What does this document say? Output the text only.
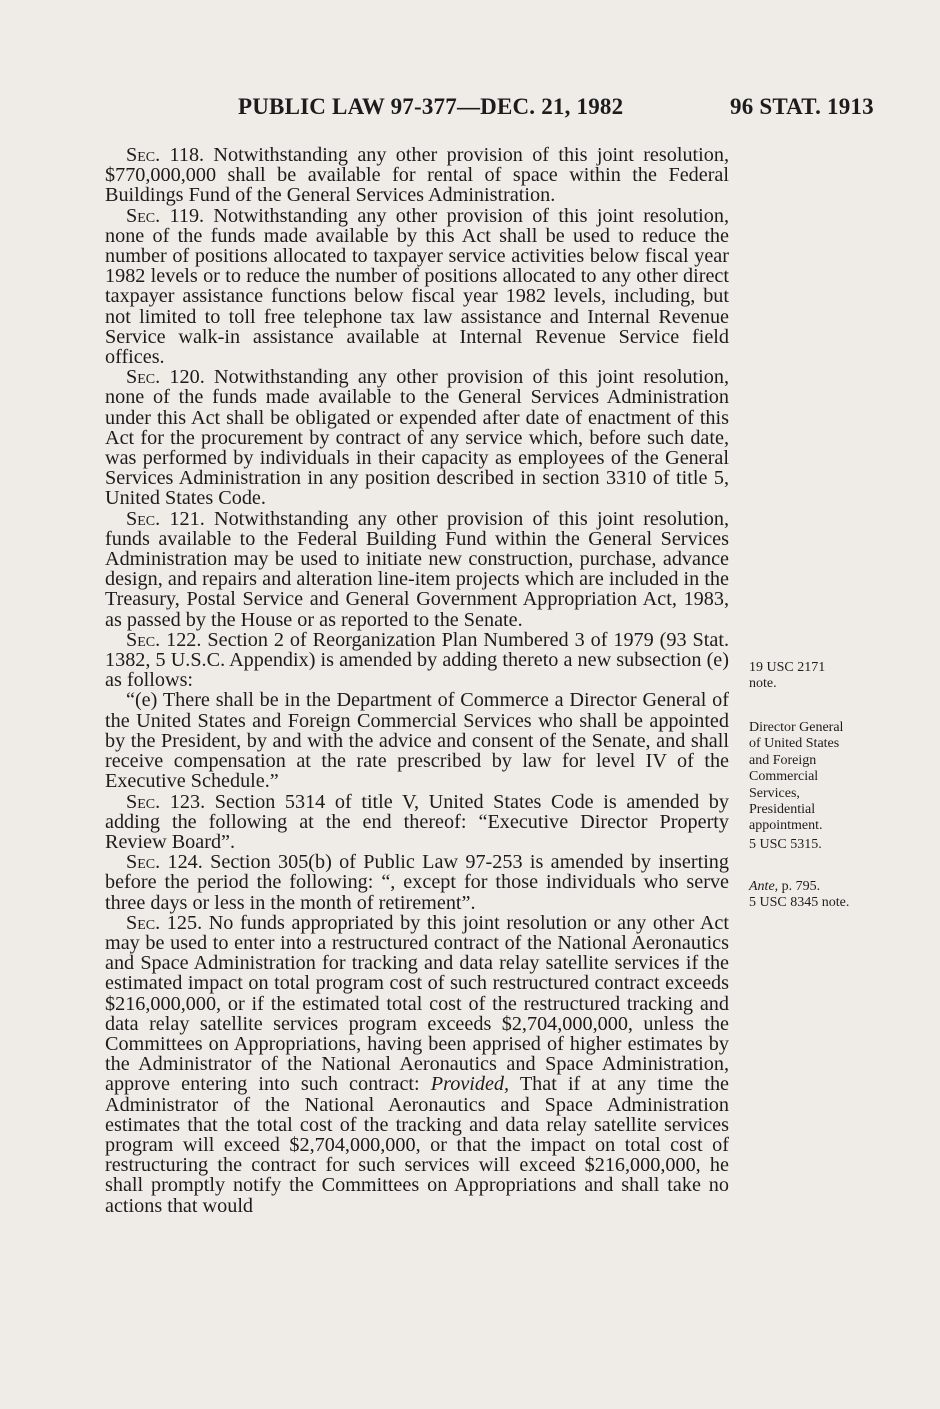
PUBLIC LAW 97-377—DEC. 21, 1982	96 STAT. 1913

Sec. 118. Notwithstanding any other provision of this joint resolution, $770,000,000 shall be available for rental of space within the Federal Buildings Fund of the General Services Administration.

Sec. 119. Notwithstanding any other provision of this joint resolution, none of the funds made available by this Act shall be used to reduce the number of positions allocated to taxpayer service activities below fiscal year 1982 levels or to reduce the number of positions allocated to any other direct taxpayer assistance functions below fiscal year 1982 levels, including, but not limited to toll free telephone tax law assistance and Internal Revenue Service walk-in assistance available at Internal Revenue Service field offices.

Sec. 120. Notwithstanding any other provision of this joint resolution, none of the funds made available to the General Services Administration under this Act shall be obligated or expended after date of enactment of this Act for the procurement by contract of any service which, before such date, was performed by individuals in their capacity as employees of the General Services Administration in any position described in section 3310 of title 5, United States Code.

Sec. 121. Notwithstanding any other provision of this joint resolution, funds available to the Federal Building Fund within the General Services Administration may be used to initiate new construction, purchase, advance design, and repairs and alteration line-item projects which are included in the Treasury, Postal Service and General Government Appropriation Act, 1983, as passed by the House or as reported to the Senate.

Sec. 122. Section 2 of Reorganization Plan Numbered 3 of 1979 (93 Stat. 1382, 5 U.S.C. Appendix) is amended by adding thereto a new subsection (e) as follows:

“(e) There shall be in the Department of Commerce a Director General of the United States and Foreign Commercial Services who shall be appointed by the President, by and with the advice and consent of the Senate, and shall receive compensation at the rate prescribed by law for level IV of the Executive Schedule.”

Sec. 123. Section 5314 of title V, United States Code is amended by adding the following at the end thereof: “Executive Director Property Review Board”.

Sec. 124. Section 305(b) of Public Law 97-253 is amended by inserting before the period the following: “, except for those individuals who serve three days or less in the month of retirement”.

Sec. 125. No funds appropriated by this joint resolution or any other Act may be used to enter into a restructured contract of the National Aeronautics and Space Administration for tracking and data relay satellite services if the estimated impact on total program cost of such restructured contract exceeds $216,000,000, or if the estimated total cost of the restructured tracking and data relay satellite services program exceeds $2,704,000,000, unless the Committees on Appropriations, having been apprised of higher estimates by the Administrator of the National Aeronautics and Space Administration, approve entering into such contract: Provided, That if at any time the Administrator of the National Aeronautics and Space Administration estimates that the total cost of the tracking and data relay satellite services program will exceed $2,704,000,000, or that the impact on total cost of restructuring the contract for such services will exceed $216,000,000, he shall promptly notify the Committees on Appropriations and shall take no actions that would

19 USC 2171
note.
Director General
of United States
and Foreign
Commercial
Services,
Presidential
appointment.
5 USC 5315.
Ante, p. 795.
5 USC 8345 note.
